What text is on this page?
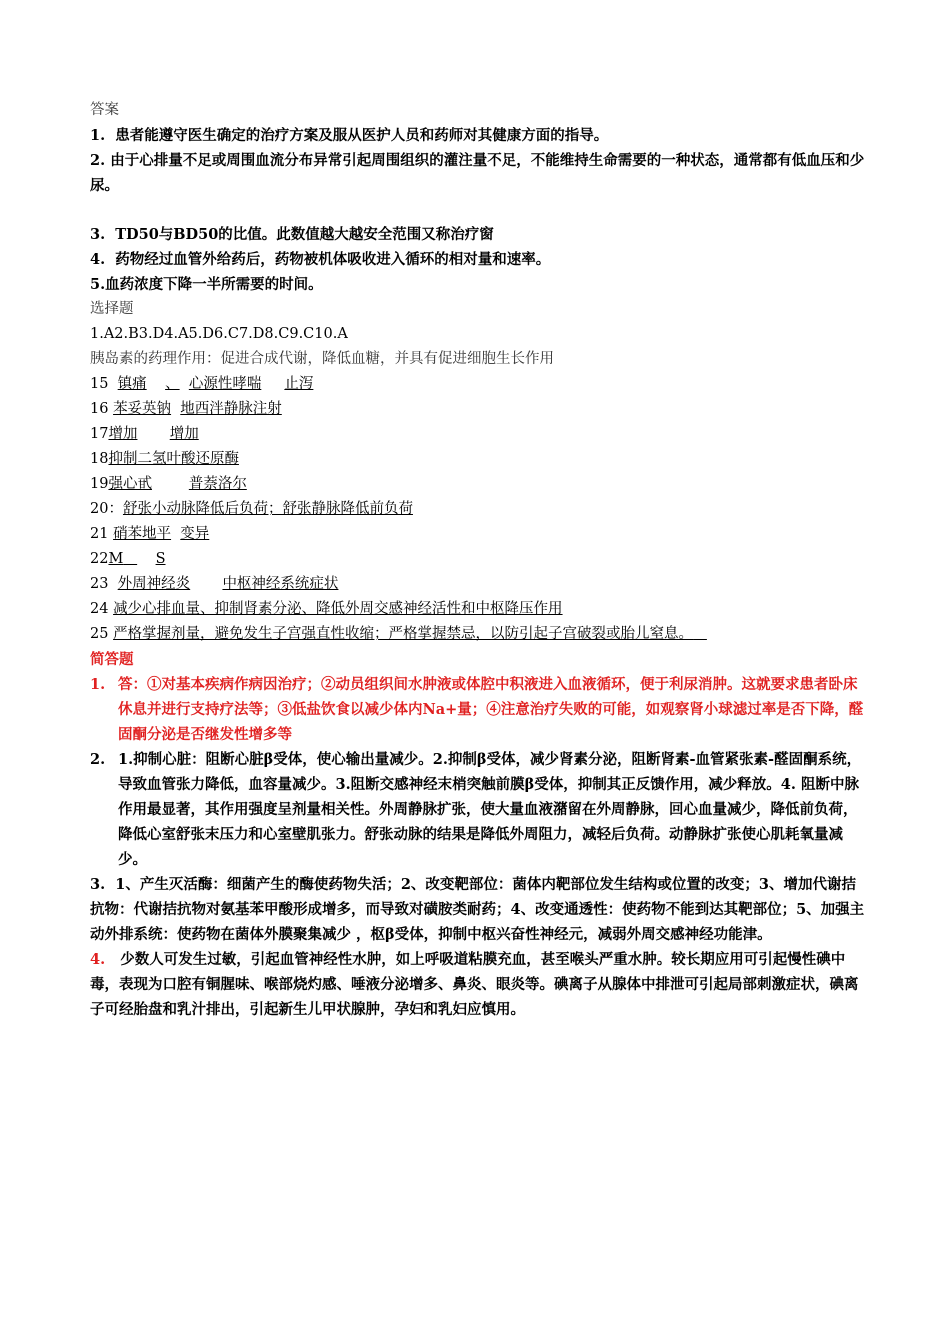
答案

1. 患者能遵守医生确定的治疗方案及服从医护人员和药师对其健康方面的指导。

2. 由于心排量不足或周围血流分布异常引起周围组织的灌注量不足，不能维持生命需要的一种状态，通常都有低血压和少尿。

3. TD50与BD50的比值。此数值越大越安全范围又称治疗窗

4. 药物经过血管外给药后，药物被机体吸收进入循环的相对量和速率。

5.血药浓度下降一半所需要的时间。

选择题

1.A2.B3.D4.A5.D6.C7.D8.C9.C10.A

胰岛素的药理作用：促进合成代谢，降低血糖，并具有促进细胞生长作用

15 镇痛 、 心源性哮喘 止泻

16 苯妥英钠 地西泮静脉注射

17增加 增加

18抑制二氢叶酸还原酶

19强心甙	普萘洛尔

20：舒张小动脉降低后负荷；舒张静脉降低前负荷

21 硝苯地平 变异

22M S

23 外周神经炎 中枢神经系统症状

24 减少心排血量、抑制肾素分泌、降低外周交感神经活性和中枢降压作用

25 严格掌握剂量，避免发生子宫强直性收缩；严格掌握禁忌，以防引起子宫破裂或胎儿窒息。

简答题

1. 答：①对基本疾病作病因治疗；②动员组织间水肿液或体腔中积液进入血液循环，便于利尿消肿。这就要求患者卧床休息并进行支持疗法等；③低盐饮食以减少体内Na+量；④注意治疗失败的可能，如观察肾小球滤过率是否下降，醛固酮分泌是否继发性增多等
2. 1.抑制心脏：阻断心脏β受体，使心输出量减少。2.抑制β受体，减少肾素分泌，阻断肾素-血管紧张素-醛固酮系统，导致血管张力降低，血容量减少。3.阻断交感神经末梢突触前膜β受体，抑制其正反馈作用，减少释放。4. 阻断中脉作用最显著，其作用强度呈剂量相关性。外周静脉扩张，使大量血液潴留在外周静脉，回心血量减少，降低前负荷，降低心室舒张末压力和心室壁肌张力。舒张动脉的结果是降低外周阻力，减轻后负荷。动静脉扩张使心肌耗氧量减少。
3. 1、产生灭活酶：细菌产生的酶使药物失活；2、改变靶部位：菌体内靶部位发生结构或位置的改变；3、增加代谢拮抗物：代谢拮抗物对氨基苯甲酸形成增多，而导致对磺胺类耐药；4、改变通透性：使药物不能到达其靶部位；5、加强主动外排系统：使药物在菌体外膜聚集减少 ，枢β受体，抑制中枢兴奋性神经元，减弱外周交感神经功能津。
4. 少数人可发生过敏，引起血管神经性水肿，如上呼吸道粘膜充血，甚至喉头严重水肿。较长期应用可引起慢性碘中毒，表现为口腔有铜腥味、喉部烧灼感、唾液分泌增多、鼻炎、眼炎等。碘离子从腺体中排泄可引起局部刺激症状，碘离子可经胎盘和乳汁排出，引起新生儿甲状腺肿，孕妇和乳妇应慎用。
